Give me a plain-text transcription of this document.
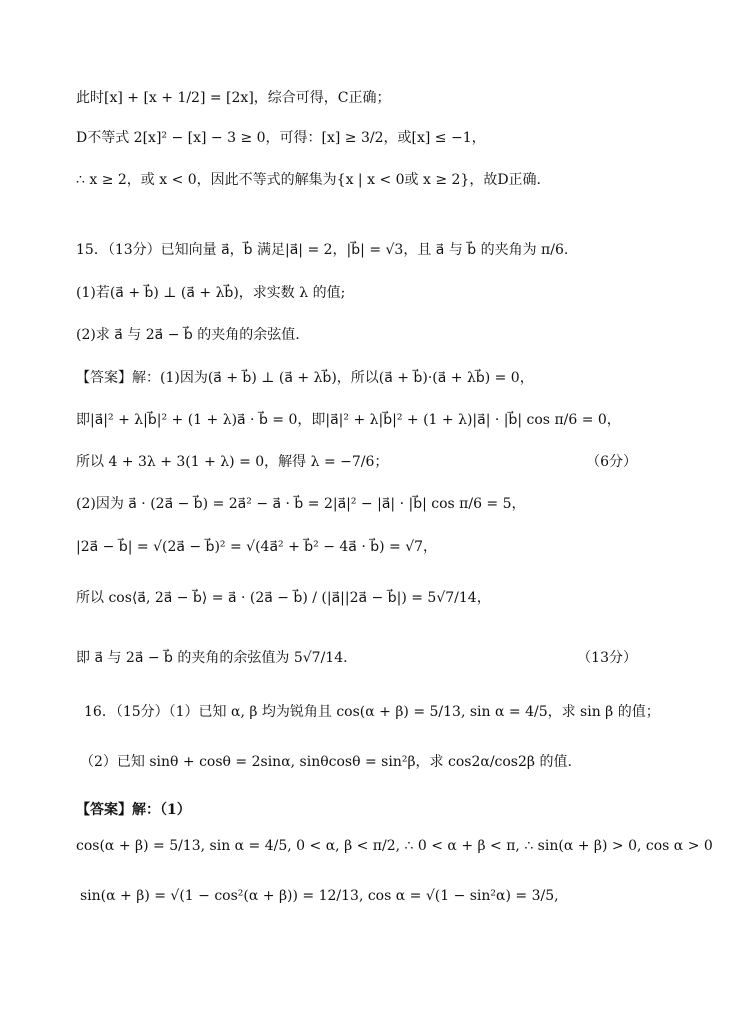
此时[x] + [x + 1/2] = [2x]，综合可得，C正确；
D不等式 2[x]² − [x] − 3 ≥ 0，可得：[x] ≥ 3/2，或[x] ≤ −1，
∴ x ≥ 2，或 x < 0，因此不等式的解集为{x | x < 0或 x ≥ 2}，故D正确.
15．（13分）已知向量 a⃗，b⃗ 满足|a⃗| = 2，|b⃗| = √3，且 a⃗ 与 b⃗ 的夹角为 π/6.
(1)若(a⃗ + b⃗) ⊥ (a⃗ + λb⃗)，求实数 λ 的值;
(2)求 a⃗ 与 2a⃗ − b⃗ 的夹角的余弦值.
【答案】解：(1)因为(a⃗ + b⃗) ⊥ (a⃗ + λb⃗)，所以(a⃗ + b⃗)·(a⃗ + λb⃗) = 0，
即|a⃗|² + λ|b⃗|² + (1 + λ)a⃗ · b⃗ = 0，即|a⃗|² + λ|b⃗|² + (1 + λ)|a⃗| · |b⃗| cos π/6 = 0，
所以 4 + 3λ + 3(1 + λ) = 0，解得 λ = −7/6；	（6分）
(2)因为 a⃗ · (2a⃗ − b⃗) = 2a⃗² − a⃗ · b⃗ = 2|a⃗|² − |a⃗| · |b⃗| cos π/6 = 5，
|2a⃗ − b⃗| = √(2a⃗ − b⃗)² = √(4a⃗² + b⃗² − 4a⃗ · b⃗) = √7，
所以 cos⟨a⃗, 2a⃗ − b⃗⟩ = a⃗ · (2a⃗ − b⃗) / (|a⃗||2a⃗ − b⃗|) = 5√7/14，
即 a⃗ 与 2a⃗ − b⃗ 的夹角的余弦值为 5√7/14.	（13分）
16．（15分）（1）已知 α, β 均为锐角且 cos(α + β) = 5/13, sin α = 4/5，求 sin β 的值；
（2）已知 sinθ + cosθ = 2sinα, sinθcosθ = sin²β，求 cos2α/cos2β 的值.
【答案】解：（1）
cos(α + β) = 5/13, sin α = 4/5, 0 < α, β < π/2, ∴ 0 < α + β < π, ∴ sin(α + β) > 0, cos α > 0
sin(α + β) = √(1 − cos²(α + β)) = 12/13, cos α = √(1 − sin²α) = 3/5,
